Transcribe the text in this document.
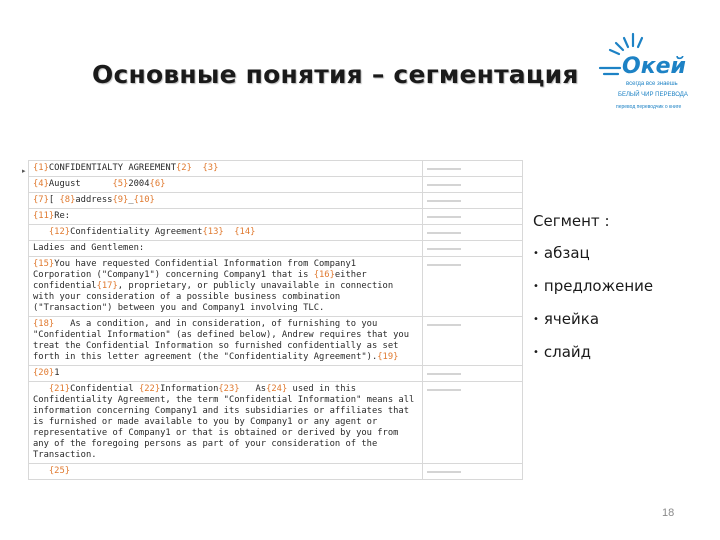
Основные понятия – сегментация Окей
всегда все знаешь
БЕЛЫЙ ЧИР ПЕРЕВОДА
перевод переводчик о книге
▸ {1}CONFIDENTIALTY AGREEMENT{2}  {3}	

{4}August      {5}2004{6}	

{7}[ {8}address{9}_{10}	

{11}Re:	

{12}Confidentiality Agreement{13}  {14}	

Ladies and Gentlemen:	

{15}You have requested Confidential Information from Company1 Corporation ("Company1") concerning Company1 that is {16}either confidential{17}, proprietary, or publicly unavailable in connection with your consideration of a possible business combination ("Transaction") between you and Company1 involving TLC.	

{18}   As a condition, and in consideration, of furnishing to you "Confidential Information" (as defined below), Andrew requires that you treat the Confidential Information so furnished confidentially as set forth in this letter agreement (the "Confidentiality Agreement").{19}	

{20}1	

{21}Confidential {22}Information{23}   As{24} used in this Confidentiality Agreement, the term "Confidential Information" means all information concerning Company1 and its subsidiaries or affiliates that is furnished or made available to you by Company1 or any agent or representative of Company1 or that is obtained or derived by you from any of the foregoing persons as part of your consideration of the Transaction.	

{25}	
Сегмент :
• абзац
• предложение
• ячейка
• слайд
18
